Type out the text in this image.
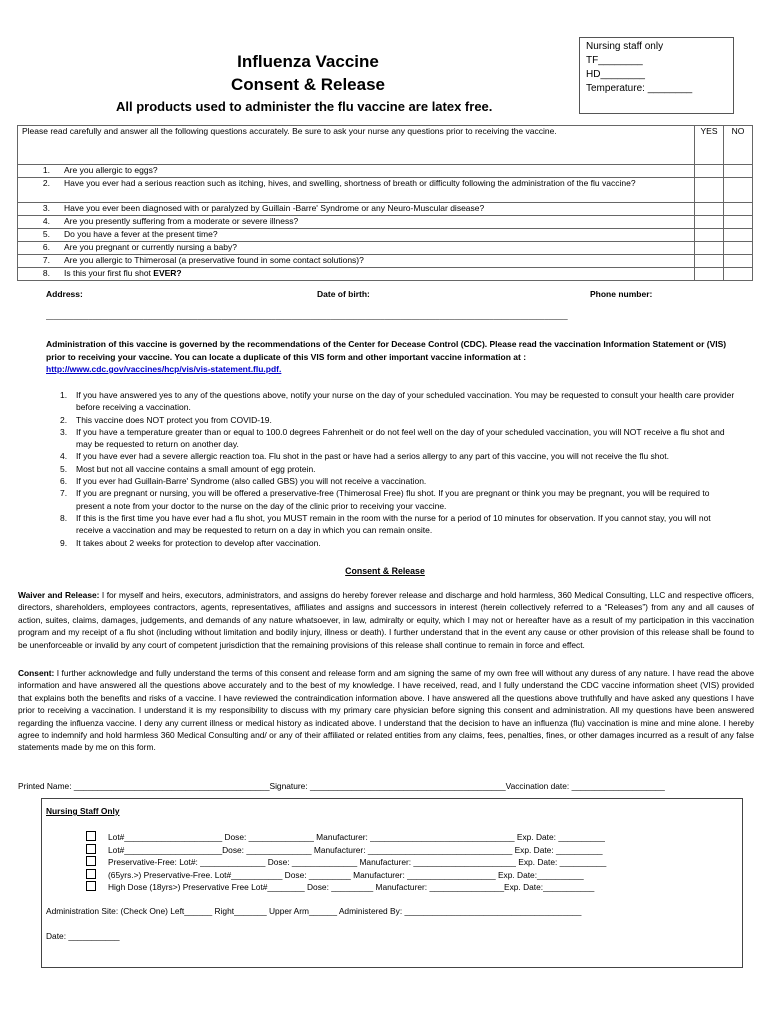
Influenza Vaccine
Consent & Release
All products used to administer the flu vaccine are latex free.
Nursing staff only
TF________
HD________
Temperature: ________
Please read carefully and answer all the following questions accurately. Be sure to ask your nurse any questions prior to receiving the vaccine.	YES	NO
1. Are you allergic to eggs?		
2. Have you ever had a serious reaction such as itching, hives, and swelling, shortness of breath or difficulty following the administration of the flu vaccine?		
3. Have you ever been diagnosed with or paralyzed by Guillain -Barre' Syndrome or any Neuro-Muscular disease?		
4. Are you presently suffering from a moderate or severe illness?		
5. Do you have a fever at the present time?		
6. Are you pregnant or currently nursing a baby?		
7. Are you allergic to Thimerosal (a preservative found in some contact solutions)?		
8. Is this your first flu shot EVER?		
Address:	Date of birth:	Phone number:
______________________________________________________________________________________________________________________________________
Administration of this vaccine is governed by the recommendations of the Center for Decease Control (CDC). Please read the vaccination Information Statement or (VIS) prior to receiving your vaccine. You can locate a duplicate of this VIS form and other important vaccine information at :
http://www.cdc.gov/vaccines/hcp/vis/vis-statement.flu.pdf.
1.	If you have answered yes to any of the questions above, notify your nurse on the day of your scheduled vaccination. You may be requested to consult your health care provider before receiving a vaccination.
2.	This vaccine does NOT protect you from COVID-19.
3.	If you have a temperature greater than or equal to 100.0 degrees Fahrenheit or do not feel well on the day of your scheduled vaccination, you will NOT receive a flu shot and may be requested to return on another day.
4.	If you have ever had a severe allergic reaction toa. Flu shot in the past or have had a serios allergy to any part of this vaccine, you will not receive the flu shot.
5.	Most but not all vaccine contains a small amount of egg protein.
6.	If you ever had Guillain-Barre' Syndrome (also called GBS) you will not receive a vaccination.
7.	If you are pregnant or nursing, you will be offered a preservative-free (Thimerosal Free) flu shot. If you are pregnant or think you may be pregnant, you will be required to present a note from your doctor to the nurse on the day of the clinic prior to receiving your vaccine.
8.	If this is the first time you have ever had a flu shot, you MUST remain in the room with the nurse for a period of 10 minutes for observation. If you cannot stay, you will not receive a vaccination and may be requested to return on a day in which you can remain onsite.
9.	It takes about 2 weeks for protection to develop after vaccination.
Consent & Release
Waiver and Release: I for myself and heirs, executors, administrators, and assigns do hereby forever release and discharge and hold harmless, 360 Medical Consulting, LLC and respective officers, directors, shareholders, employees contractors, agents, representatives, affiliates and assigns and successors in interest (herein collectively referred to a “Releases”) from any and all causes of action, suites, claims, damages, judgements, and demands of any nature whatsoever, in law, admiralty or equity, which I may not or hereafter have as a result of my participation in this vaccination program and my receipt of a flu shot (including without limitation and bodily injury, illness or death). I further understand that in the event any cause or other provision of this release shall be found to be unenforceable or invalid by any court of competent jurisdiction that the remaining provisions of this release shall continue to remain in force and effect.
Consent: I further acknowledge and fully understand the terms of this consent and release form and am signing the same of my own free will without any duress of any nature. I have read the above information and have answered all the questions above accurately and to the best of my knowledge. I have received, read, and I fully understand the CDC vaccine information sheet (VIS) provided that explains both the benefits and risks of a vaccine. I have reviewed the contraindication information above. I have answered all the questions above truthfully and have asked any questions I have prior to receiving a vaccination. I understand it is my responsibility to discuss with my primary care physician before signing this consent and administration. All my questions have been answered regarding the influenza vaccine. I deny any current illness or medical history as indicated above. I understand that the decision to have an influenza (flu) vaccination is mine and mine alone. I hereby agree to indemnify and hold harmless 360 Medical Consulting and/ or any of their affiliated or related entities from any claims, fees, penalties, fines, or other damages incurred as a result of any false statements made by me on this form.
Printed Name: __________________________________________Signature: __________________________________________Vaccination date: ____________________
Nursing Staff Only
Lot#_____________________ Dose: ______________ Manufacturer: _______________________________ Exp. Date: __________
Lot#_____________________Dose: ______________ Manufacturer: _______________________________ Exp. Date: __________
Preservative-Free: Lot#: ______________ Dose: ______________ Manufacturer: ______________________ Exp. Date: __________
(65yrs.>) Preservative-Free. Lot#___________ Dose: _________ Manufacturer: ___________________ Exp. Date:__________
High Dose (18yrs>) Preservative Free Lot#________ Dose: _________ Manufacturer: ________________Exp. Date:___________
Administration Site: (Check One) Left______ Right_______ Upper Arm______ Administered By: ______________________________________
Date: ___________
